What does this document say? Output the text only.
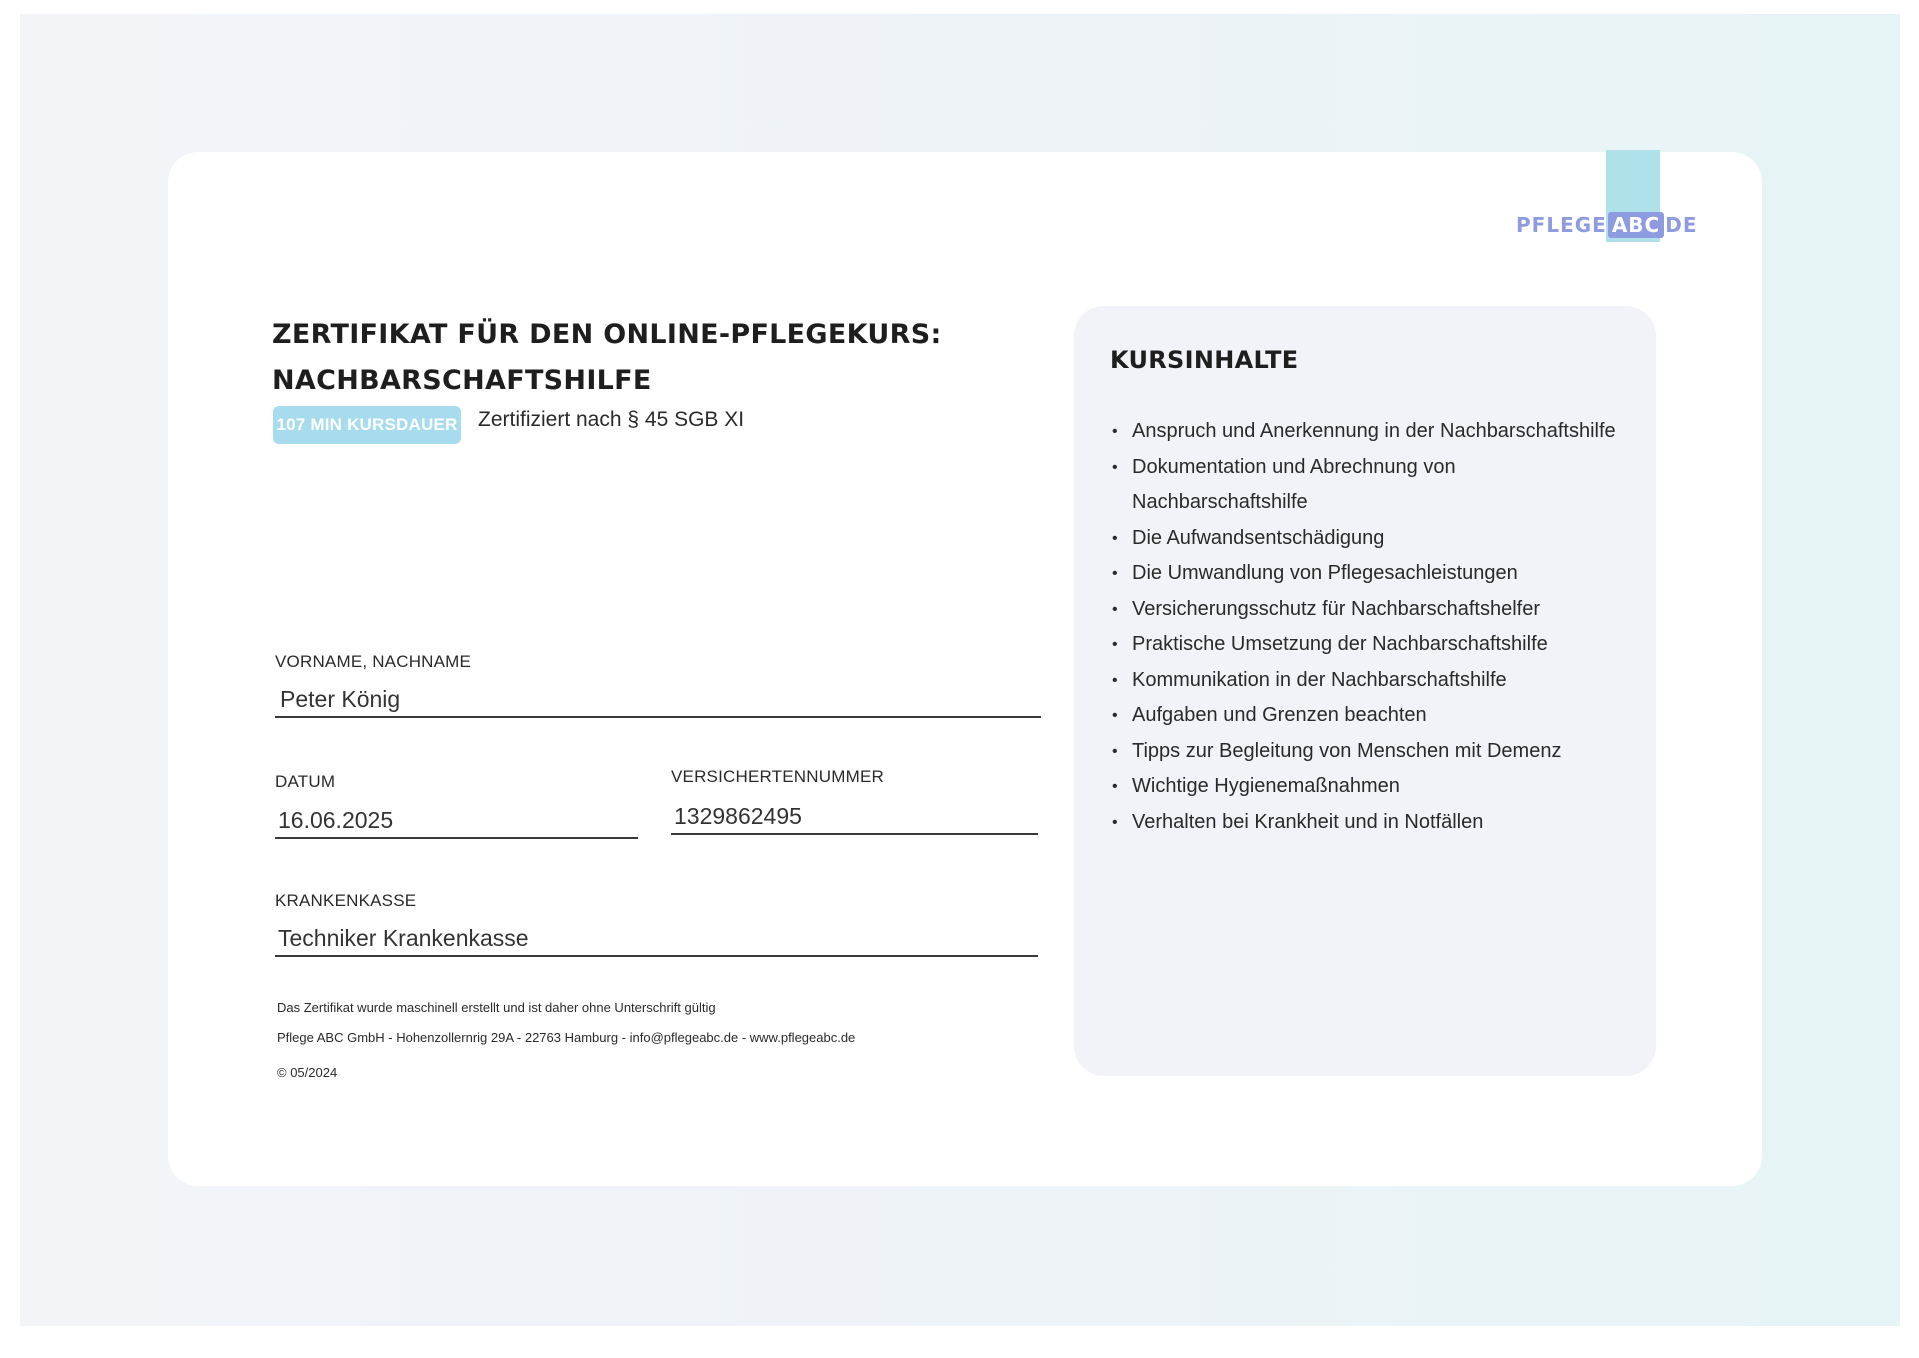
PFLEGE ABC DE
ZERTIFIKAT FÜR DEN ONLINE-PFLEGEKURS:
NACHBARSCHAFTSHILFE
107 MIN KURSDAUER Zertifiziert nach § 45 SGB XI
VORNAME, NACHNAME
Peter König
DATUM
16.06.2025
VERSICHERTENNUMMER
1329862495
KRANKENKASSE
Techniker Krankenkasse
Das Zertifikat wurde maschinell erstellt und ist daher ohne Unterschrift gültig
Pflege ABC GmbH - Hohenzollernrig 29A - 22763 Hamburg - info@pflegeabc.de - www.pflegeabc.de
© 05/2024
KURSINHALTE
• Anspruch und Anerkennung in der Nachbarschaftshilfe
• Dokumentation und Abrechnung von Nachbarschaftshilfe
• Die Aufwandsentschädigung
• Die Umwandlung von Pflegesachleistungen
• Versicherungsschutz für Nachbarschaftshelfer
• Praktische Umsetzung der Nachbarschaftshilfe
• Kommunikation in der Nachbarschaftshilfe
• Aufgaben und Grenzen beachten
• Tipps zur Begleitung von Menschen mit Demenz
• Wichtige Hygienemaßnahmen
• Verhalten bei Krankheit und in Notfällen
